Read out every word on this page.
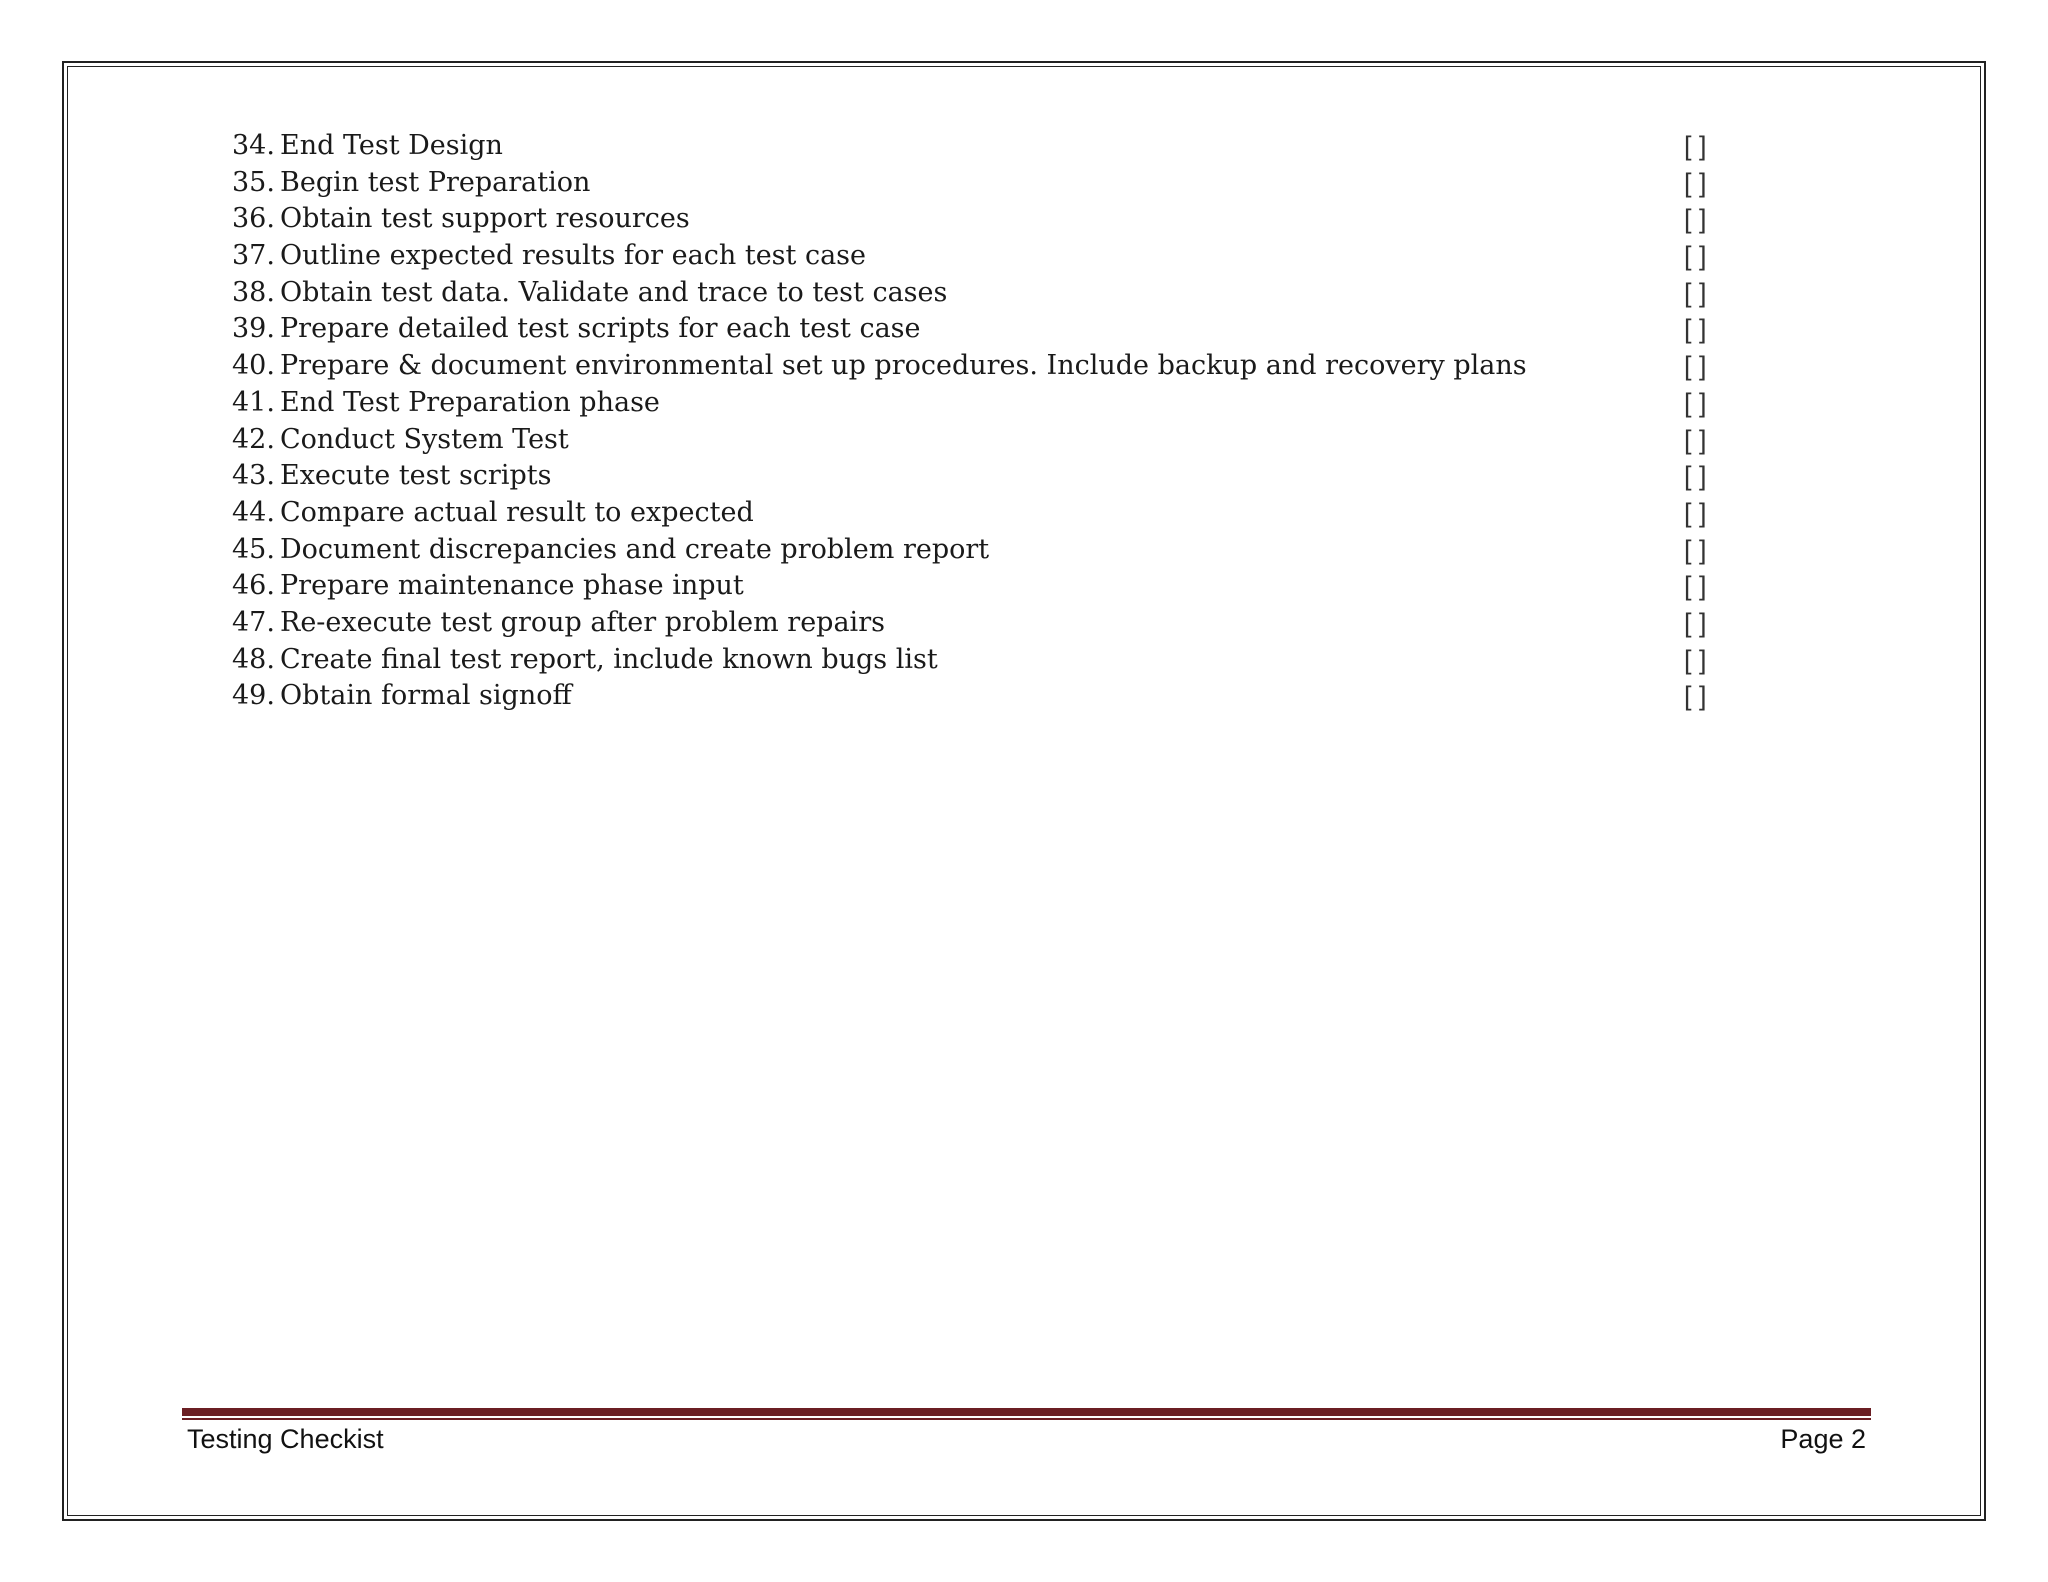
34. End Test Design	[ ]
35. Begin test Preparation	[ ]
36. Obtain test support resources	[ ]
37. Outline expected results for each test case	[ ]
38. Obtain test data. Validate and trace to test cases	[ ]
39. Prepare detailed test scripts for each test case	[ ]
40. Prepare & document environmental set up procedures. Include backup and recovery plans	[ ]
41. End Test Preparation phase	[ ]
42. Conduct System Test	[ ]
43. Execute test scripts	[ ]
44. Compare actual result to expected	[ ]
45. Document discrepancies and create problem report	[ ]
46. Prepare maintenance phase input	[ ]
47. Re-execute test group after problem repairs	[ ]
48. Create final test report, include known bugs list	[ ]
49. Obtain formal signoff	[ ]
Testing Checkist	Page 2
